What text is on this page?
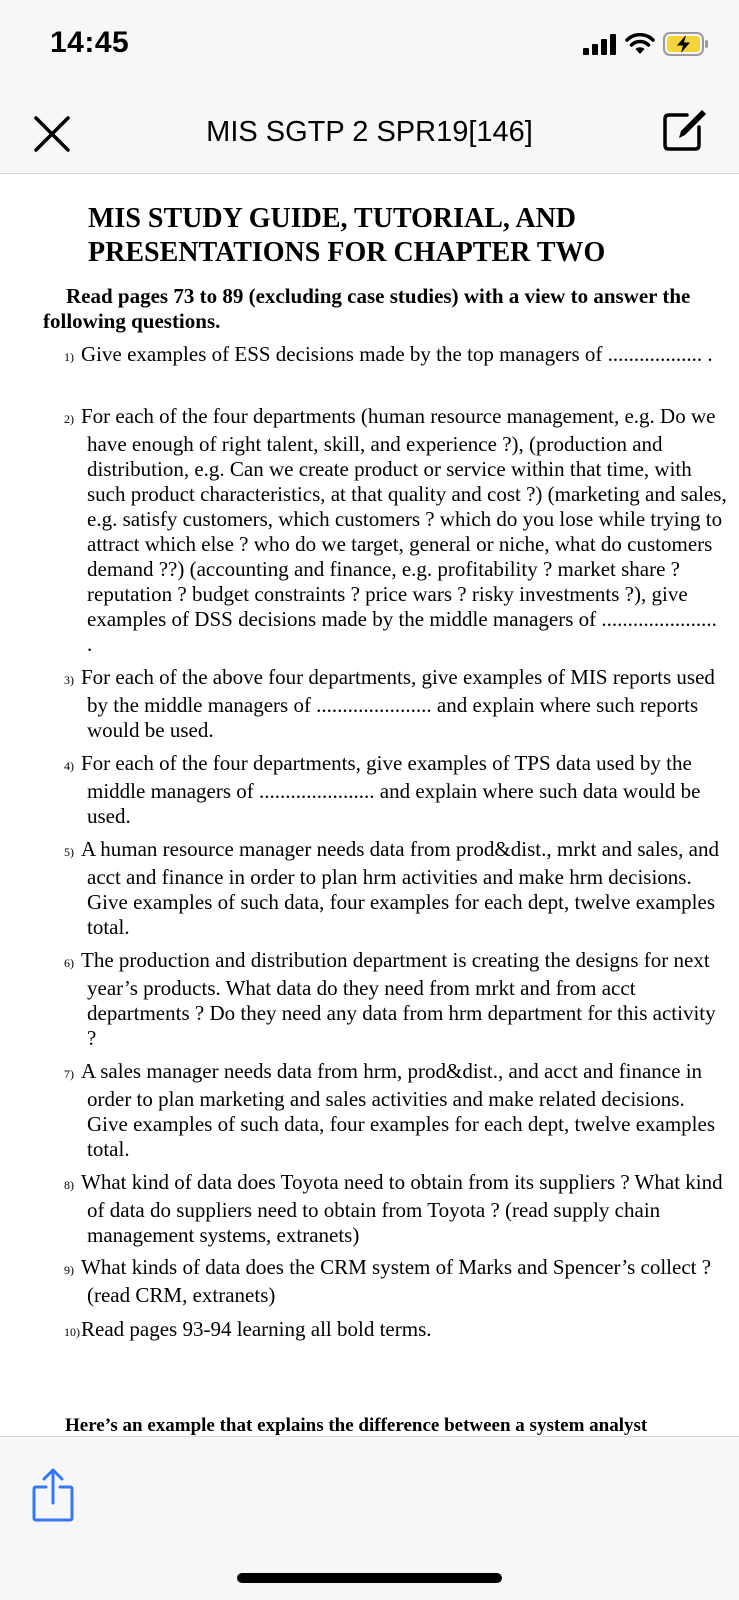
14:45
MIS SGTP 2 SPR19[146]
MIS STUDY GUIDE, TUTORIAL, AND
PRESENTATIONS FOR CHAPTER TWO

Read pages 73 to 89 (excluding case studies) with a view to answer the following questions.

1) Give examples of ESS decisions made by the top managers of .................. .

2) For each of the four departments (human resource management, e.g. Do we have enough of right talent, skill, and experience ?), (production and distribution, e.g. Can we create product or service within that time, with such product characteristics, at that quality and cost ?) (marketing and sales, e.g. satisfy customers, which customers ? which do you lose while trying to attract which else ? who do we target, general or niche, what do customers demand ??) (accounting and finance, e.g. profitability ? market share ? reputation ? budget constraints ? price wars ? risky investments ?), give examples of DSS decisions made by the middle managers of ...................... .

3) For each of the above four departments, give examples of MIS reports used by the middle managers of ...................... and explain where such reports would be used.

4) For each of the four departments, give examples of TPS data used by the middle managers of ...................... and explain where such data would be used.

5) A human resource manager needs data from prod&dist., mrkt and sales, and acct and finance in order to plan hrm activities and make hrm decisions. Give examples of such data, four examples for each dept, twelve examples total.

6) The production and distribution department is creating the designs for next year’s products. What data do they need from mrkt and from acct departments ? Do they need any data from hrm department for this activity ?

7) A sales manager needs data from hrm, prod&dist., and acct and finance in order to plan marketing and sales activities and make related decisions. Give examples of such data, four examples for each dept, twelve examples total.

8) What kind of data does Toyota need to obtain from its suppliers ? What kind of data do suppliers need to obtain from Toyota ? (read supply chain management systems, extranets)

9) What kinds of data does the CRM system of Marks and Spencer’s collect ? (read CRM, extranets)

10)Read pages 93-94 learning all bold terms.

Here’s an example that explains the difference between a system analyst
